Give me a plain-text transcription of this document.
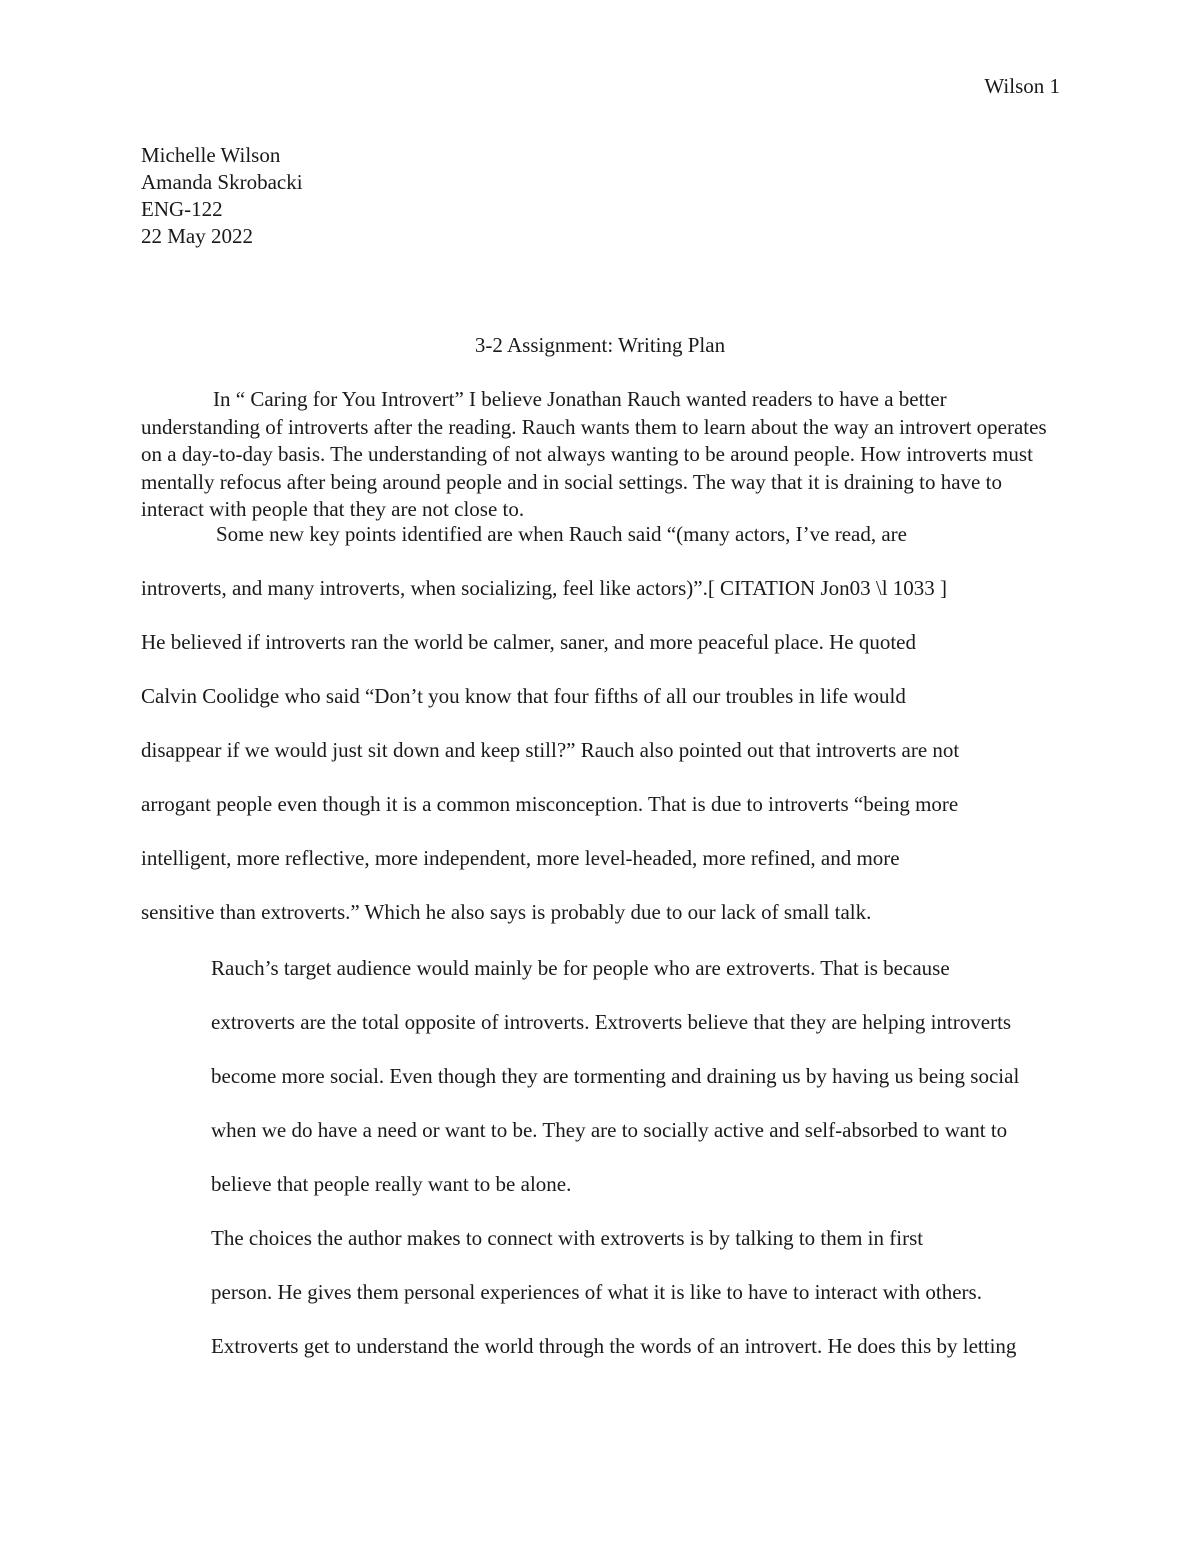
Wilson 1
Michelle Wilson
Amanda Skrobacki
ENG-122
22 May 2022
3-2 Assignment: Writing Plan

In “ Caring for You Introvert” I believe Jonathan Rauch wanted readers to have a better understanding of introverts after the reading. Rauch wants them to learn about the way an introvert operates on a day-to-day basis. The understanding of not always wanting to be around people. How introverts must mentally refocus after being around people and in social settings. The way that it is draining to have to interact with people that they are not close to.

Some new key points identified are when Rauch said “(many actors, I’ve read, are

introverts, and many introverts, when socializing, feel like actors)”.[ CITATION Jon03 \l 1033 ]
He believed if introverts ran the world be calmer, saner, and more peaceful place. He quoted
Calvin Coolidge who said “Don’t you know that four fifths of all our troubles in life would
disappear if we would just sit down and keep still?” Rauch also pointed out that introverts are not
arrogant people even though it is a common misconception. That is due to introverts “being more
intelligent, more reflective, more independent, more level-headed, more refined, and more
sensitive than extroverts.” Which he also says is probably due to our lack of small talk.

Rauch’s target audience would mainly be for people who are extroverts. That is because
extroverts are the total opposite of introverts. Extroverts believe that they are helping introverts
become more social. Even though they are tormenting and draining us by having us being social
when we do have a need or want to be. They are to socially active and self-absorbed to want to
believe that people really want to be alone.

The choices the author makes to connect with extroverts is by talking to them in first
person. He gives them personal experiences of what it is like to have to interact with others.
Extroverts get to understand the world through the words of an introvert. He does this by letting
